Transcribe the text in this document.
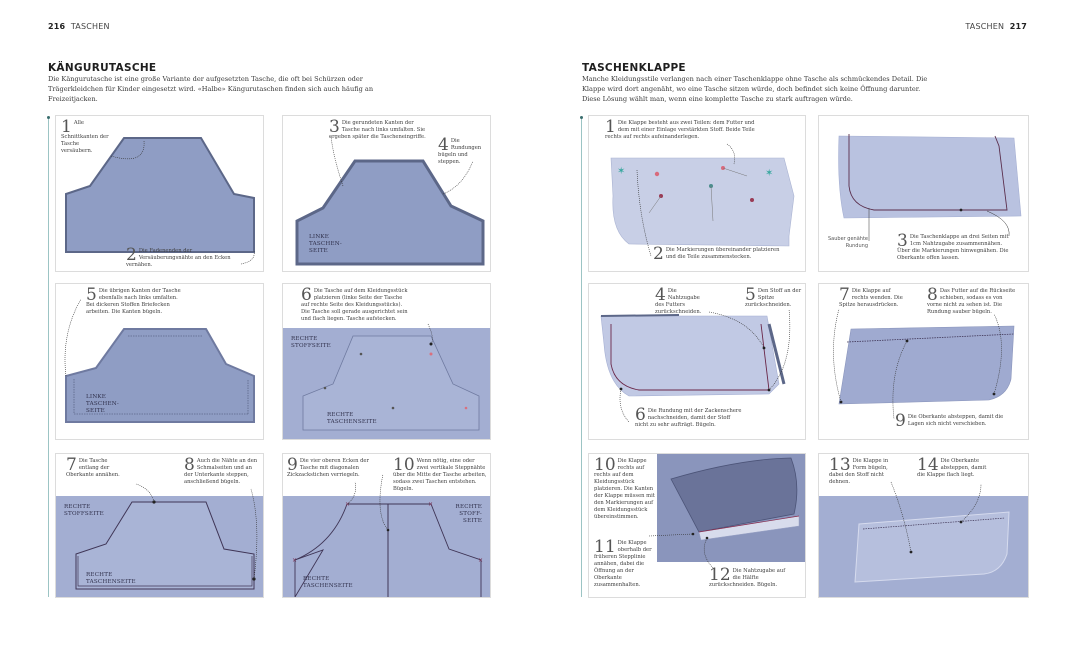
216 TASCHEN
KÄNGURUTASCHE
Die Kängurutasche ist eine große Variante der aufgesetzten Tasche, die oft bei Schürzen oder Trägerkleidchen für Kinder eingesetzt wird. «Halbe» Kängurutaschen finden sich auch häufig an Freizeitjacken.
1 Alle Schnittkanten der Tasche versäubern.
2 Die Fadenenden der Versäuberungsnähte an den Ecken vernähen.
3 Die gerundeten Kanten der Tasche nach links umfalten. Sie ergeben später die Tascheneingriffe. 4 Die Rundungen bügeln und steppen.
LINKE
TASCHEN-
SEITE
5 Die übrigen Kanten der Tasche ebenfalls nach links umfalten. Bei dickeren Stoffen Briefecken arbeiten. Die Kanten bügeln.
LINKE
TASCHEN-
SEITE
6 Die Tasche auf dem Kleidungsstück platzieren (linke Seite der Tasche auf rechte Seite des Kleidungsstücks). Die Tasche soll gerade ausgerichtet sein und flach liegen. Tasche aufstecken.
RECHTE STOFFSEITE
RECHTE TASCHENSEITE
7 Die Tasche entlang der Oberkante annähen.	8 Auch die Nähte an den Schmalseiten und an der Unterkante steppen, anschließend bügeln.
RECHTE STOFFSEITE
RECHTE TASCHENSEITE
×	×
×	×
9 Die vier oberen Ecken der Tasche mit diagonalen Zickzackstichen verriegeln.	10 Wenn nötig, eine oder zwei vertikale Steppnähte über die Mitte der Tasche arbeiten, sodass zwei Taschen entstehen. Bügeln.
RECHTE STOFF-SEITE
RECHTE TASCHENSEITE
TASCHEN 217
TASCHENKLAPPE
Manche Kleidungsstile verlangen nach einer Taschenklappe ohne Tasche als schmückendes Detail. Die Klappe wird dort angenäht, wo eine Tasche sitzen würde, doch befindet sich keine Öffnung darunter. Diese Lösung wählt man, wenn eine komplette Tasche zu stark auftragen würde.
✶	✶
1 Die Klappe besteht aus zwei Teilen: dem Futter und dem mit einer Einlage verstärkten Stoff. Beide Teile rechts auf rechts aufeinanderlegen.
2 Die Markierungen übereinander platzieren und die Teile zusammenstecken.
Sauber genähte Rundung 3 Die Taschenklappe an drei Seiten mit 1cm Nahtzugabe zusammennähen. Über die Markierungen hinwegnähen. Die Oberkante offen lassen.
4 Die Nahtzugabe des Futters zurückschneiden.
5 Den Stoff an der Spitze zurückschneiden.
6 Die Rundung mit der Zackenschere nachschneiden, damit der Stoff nicht zu sehr aufträgt. Bügeln.
7 Die Klappe auf rechts wenden. Die Spitze herausdrücken. 8 Das Futter auf die Rückseite schieben, sodass es von vorne nicht zu sehen ist. Die Rundung sauber bügeln.
9 Die Oberkante absteppen, damit die Lagen sich nicht verschieben.
10 Die Klappe rechts auf rechts auf dem Kleidungsstück platzieren. Die Kanten der Klappe müssen mit den Markierungen auf dem Kleidungsstück übereinstimmen.
11 Die Klappe oberhalb der früheren Stepplinie annähen, dabei die Öffnung an der Oberkante zusammenhalten.	12 Die Nahtzugabe auf die Hälfte zurückschneiden. Bügeln.
13 Die Klappe in Form bügeln, dabei den Stoff nicht dehnen.
14 Die Oberkante absteppen, damit die Klappe flach liegt.
